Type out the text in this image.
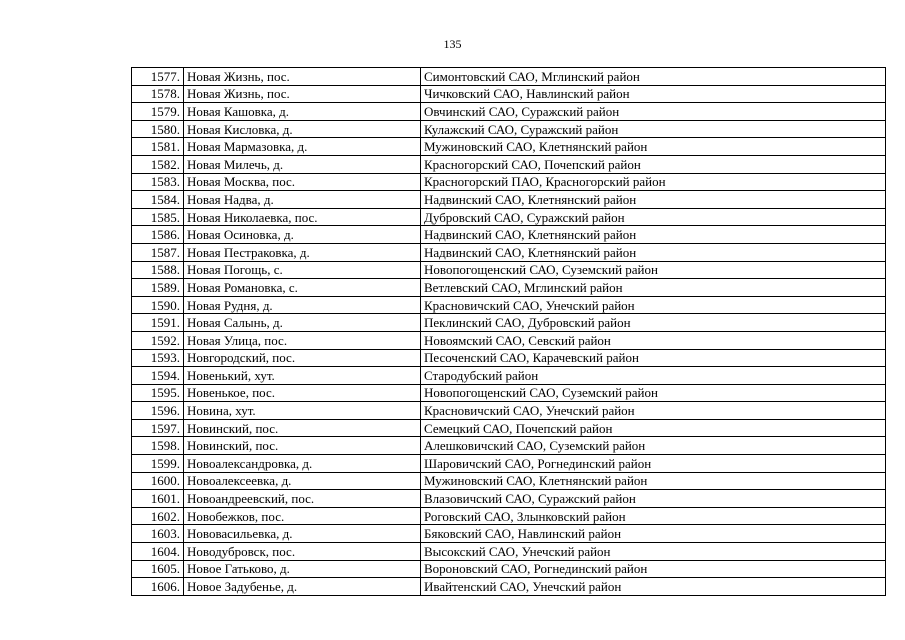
135
1577.	Новая Жизнь, пос.	Симонтовский САО, Мглинский район
1578.	Новая Жизнь, пос.	Чичковский САО, Навлинский район
1579.	Новая Кашовка, д.	Овчинский САО, Суражский район
1580.	Новая Кисловка, д.	Кулажский САО, Суражский район
1581.	Новая Мармазовка, д.	Мужиновский САО, Клетнянский район
1582.	Новая Милечь, д.	Красногорский САО, Почепский район
1583.	Новая Москва, пос.	Красногорский ПАО, Красногорский район
1584.	Новая Надва, д.	Надвинский САО, Клетнянский район
1585.	Новая Николаевка, пос.	Дубровский САО, Суражский район
1586.	Новая Осиновка, д.	Надвинский САО, Клетнянский район
1587.	Новая Пестраковка, д.	Надвинский САО, Клетнянский район
1588.	Новая Погощь, с.	Новопогощенский САО, Суземский район
1589.	Новая Романовка, с.	Ветлевский САО, Мглинский район
1590.	Новая Рудня, д.	Красновичский САО, Унечский район
1591.	Новая Салынь, д.	Пеклинский САО, Дубровский район
1592.	Новая Улица, пос.	Новоямский САО, Севский район
1593.	Новгородский, пос.	Песоченский САО, Карачевский район
1594.	Новенький, хут.	Стародубский район
1595.	Новенькое, пос.	Новопогощенский САО, Суземский район
1596.	Новина, хут.	Красновичский САО, Унечский район
1597.	Новинский, пос.	Семецкий САО, Почепский район
1598.	Новинский, пос.	Алешковичский САО, Суземский район
1599.	Новоалександровка, д.	Шаровичский САО, Рогнединский район
1600.	Новоалексеевка, д.	Мужиновский САО, Клетнянский район
1601.	Новоандреевский, пос.	Влазовичский САО, Суражский район
1602.	Новобежков, пос.	Роговский САО, Злынковский район
1603.	Нововасильевка, д.	Бяковский САО, Навлинский район
1604.	Новодубровск, пос.	Высокский САО, Унечский район
1605.	Новое Гатьково, д.	Вороновский САО, Рогнединский район
1606.	Новое Задубенье, д.	Ивайтенский САО, Унечский район
